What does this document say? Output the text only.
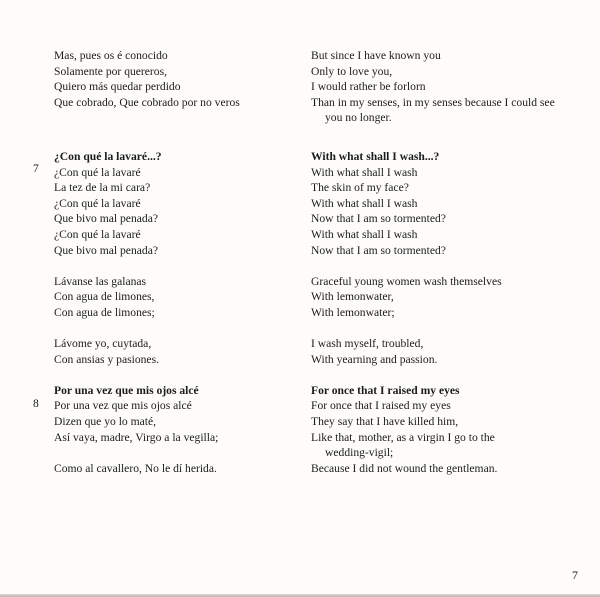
Mas, pues os é conocido
Solamente por quereros,
Quiero más quedar perdido
Que cobrado, Que cobrado por no veros
¿Con qué la lavaré...?
¿Con qué la lavaré
La tez de la mi cara?
¿Con qué la lavaré
Que bivo mal penada?
¿Con qué la lavaré
Que bivo mal penada?
Lávanse las galanas
Con agua de limones,
Con agua de limones;
Lávome yo, cuytada,
Con ansias y pasiones.
Por una vez que mis ojos alcé
Por una vez que mis ojos alcé
Dizen que yo lo maté,
Así vaya, madre, Virgo a la vegilla;
Como al cavallero, No le dí herida.
7
8
But since I have known you
Only to love you,
I would rather be forlorn
Than in my senses, in my senses because I could see you no longer.
With what shall I wash...?
With what shall I wash
The skin of my face?
With what shall I wash
Now that I am so tormented?
With what shall I wash
Now that I am so tormented?
Graceful young women wash themselves
With lemonwater,
With lemonwater;
I wash myself, troubled,
With yearning and passion.
For once that I raised my eyes
For once that I raised my eyes
They say that I have killed him,
Like that, mother, as a virgin I go to the wedding-vigil;
Because I did not wound the gentleman.
7
